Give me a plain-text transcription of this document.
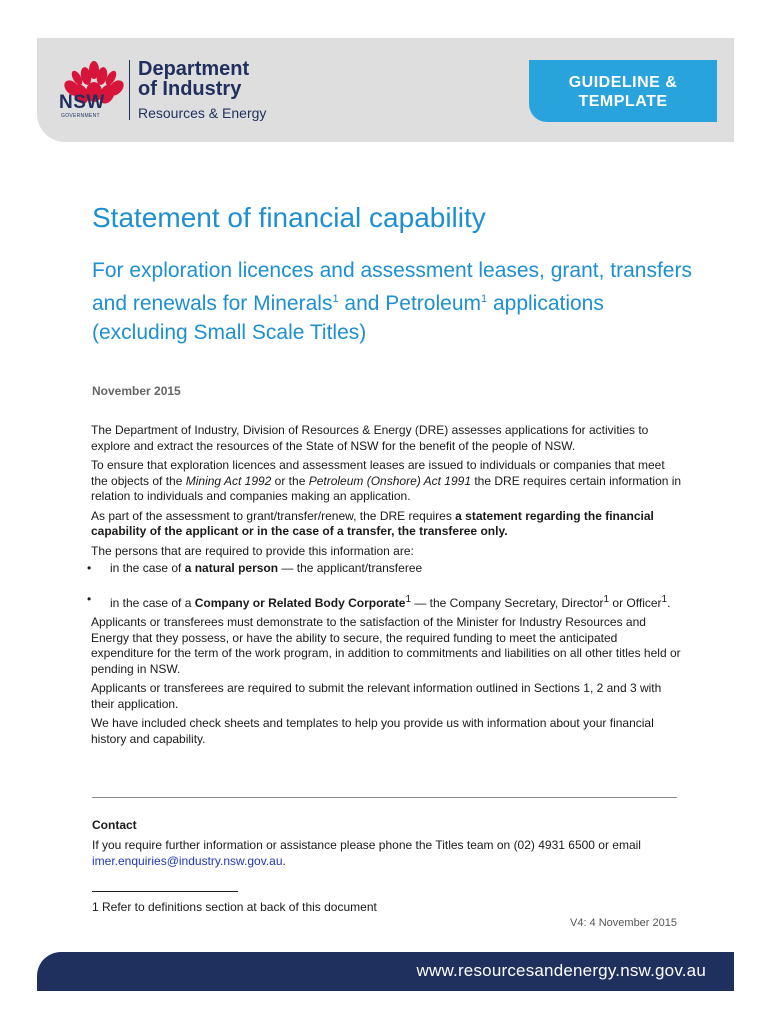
NSW
GOVERNMENT
Department
of Industry
Resources & Energy
GUIDELINE &
TEMPLATE
Statement of financial capability
For exploration licences and assessment leases, grant, transfers and renewals for Minerals$^1$ and Petroleum$^1$ applications (excluding Small Scale Titles)
November 2015

The Department of Industry, Division of Resources & Energy (DRE) assesses applications for activities to explore and extract the resources of the State of NSW for the benefit of the people of NSW.

To ensure that exploration licences and assessment leases are issued to individuals or companies that meet the objects of the Mining Act 1992 or the Petroleum (Onshore) Act 1991 the DRE requires certain information in relation to individuals and companies making an application.

As part of the assessment to grant/transfer/renew, the DRE requires a statement regarding the financial capability of the applicant or in the case of a transfer, the transferee only.

The persons that are required to provide this information are:

• in the case of a natural person — the applicant/transferee
• in the case of a Company or Related Body Corporate$^1$ — the Company Secretary, Director$^1$ or Officer$^1$.

Applicants or transferees must demonstrate to the satisfaction of the Minister for Industry Resources and Energy that they possess, or have the ability to secure, the required funding to meet the anticipated expenditure for the term of the work program, in addition to commitments and liabilities on all other titles held or pending in NSW.

Applicants or transferees are required to submit the relevant information outlined in Sections 1, 2 and 3 with their application.

We have included check sheets and templates to help you provide us with information about your financial history and capability.

Contact
If you require further information or assistance please phone the Titles team on (02) 4931 6500 or email imer.enquiries@industry.nsw.gov.au.
1 Refer to definitions section at back of this document
V4: 4 November 2015
www.resourcesandenergy.nsw.gov.au
